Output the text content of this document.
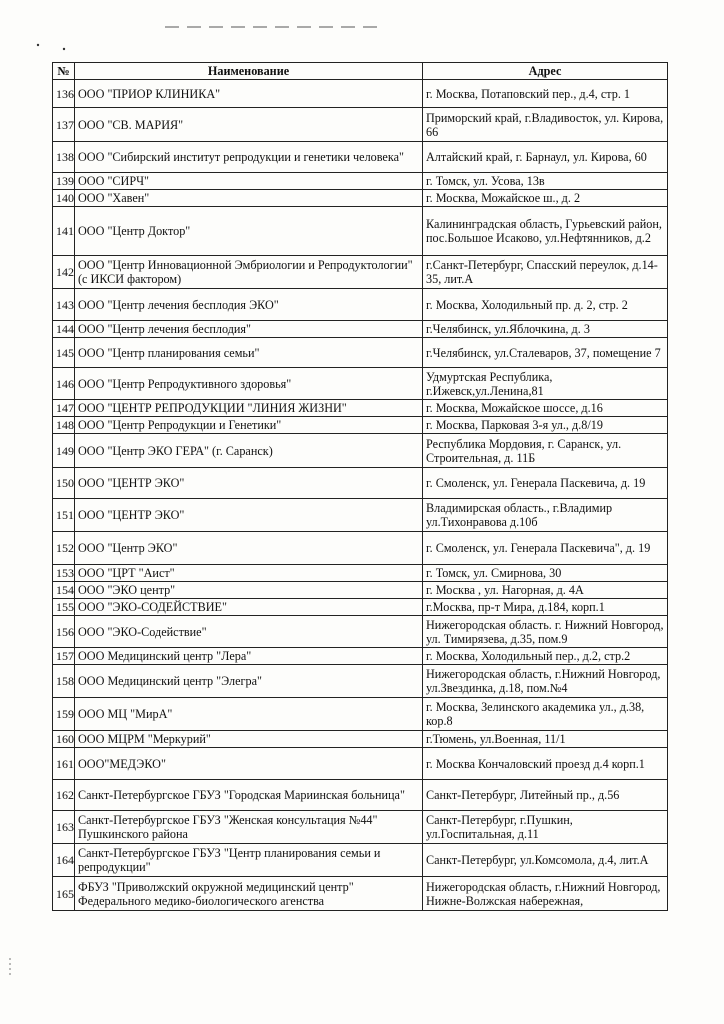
№	Наименование	Адрес
136	ООО "ПРИОР КЛИНИКА"	г. Москва, Потаповский пер., д.4, стр. 1
137	ООО "СВ. МАРИЯ"	Приморский край, г.Владивосток, ул. Кирова, 66
138	ООО "Сибирский институт репродукции и генетики человека"	Алтайский край, г. Барнаул, ул. Кирова, 60
139	ООО "СИРЧ"	г. Томск, ул. Усова, 13в
140	ООО "Хавен"	г. Москва, Можайское ш., д. 2
141	ООО "Центр Доктор"	Калининградская область, Гурьевский район, пос.Большое Исаково, ул.Нефтянников, д.2
142	ООО "Центр Инновационной Эмбриологии и Репродуктологии" (с ИКСИ фактором)	г.Санкт-Петербург, Спасский переулок, д.14-35, лит.А
143	ООО "Центр лечения бесплодия ЭКО"	г. Москва, Холодильный пр. д. 2, стр. 2
144	ООО "Центр лечения бесплодия"	г.Челябинск, ул.Яблочкина, д. 3
145	ООО "Центр планирования семьи"	г.Челябинск, ул.Сталеваров, 37, помещение 7
146	ООО "Центр Репродуктивного здоровья"	Удмуртская Республика, г.Ижевск,ул.Ленина,81
147	ООО "ЦЕНТР РЕПРОДУКЦИИ "ЛИНИЯ ЖИЗНИ"	г. Москва, Можайское шоссе, д.16
148	ООО "Центр Репродукции и Генетики"	г. Москва, Парковая 3-я ул., д.8/19
149	ООО "Центр ЭКО ГЕРА" (г. Саранск)	Республика Мордовия, г. Саранск, ул. Строительная, д. 11Б
150	ООО "ЦЕНТР ЭКО"	г. Смоленск, ул. Генерала Паскевича, д. 19
151	ООО "ЦЕНТР ЭКО"	Владимирская область., г.Владимир ул.Тихонравова д.10б
152	ООО "Центр ЭКО"	г. Смоленск, ул. Генерала Паскевича", д. 19
153	ООО "ЦРТ "Аист"	г. Томск, ул. Смирнова, 30
154	ООО "ЭКО центр"	г. Москва , ул. Нагорная, д. 4А
155	ООО "ЭКО-СОДЕЙСТВИЕ"	г.Москва, пр-т Мира, д.184, корп.1
156	ООО "ЭКО-Содействие"	Нижегородская область. г. Нижний Новгород, ул. Тимирязева, д.35, пом.9
157	ООО Медицинский центр "Лера"	г. Москва, Холодильный пер., д.2, стр.2
158	ООО Медицинский центр "Элегра"	Нижегородская область, г.Нижний Новгород, ул.Звездинка, д.18, пом.№4
159	ООО МЦ "МирА"	г. Москва, Зелинского академика ул., д.38, кор.8
160	ООО МЦРМ "Меркурий"	г.Тюмень, ул.Военная, 11/1
161	ООО"МЕДЭКО"	г. Москва Кончаловский проезд д.4 корп.1
162	Санкт-Петербургское ГБУЗ "Городская Мариинская больница"	Санкт-Петербург, Литейный пр., д.56
163	Санкт-Петербургское ГБУЗ "Женская консультация №44" Пушкинского района	Санкт-Петербург, г.Пушкин, ул.Госпитальная, д.11
164	Санкт-Петербургское ГБУЗ "Центр планирования семьи и репродукции"	Санкт-Петербург, ул.Комсомола, д.4, лит.А
165	ФБУЗ "Приволжский окружной медицинский центр" Федерального медико-биологического агенства	Нижегородская область, г.Нижний Новгород, Нижне-Волжская набережная,
